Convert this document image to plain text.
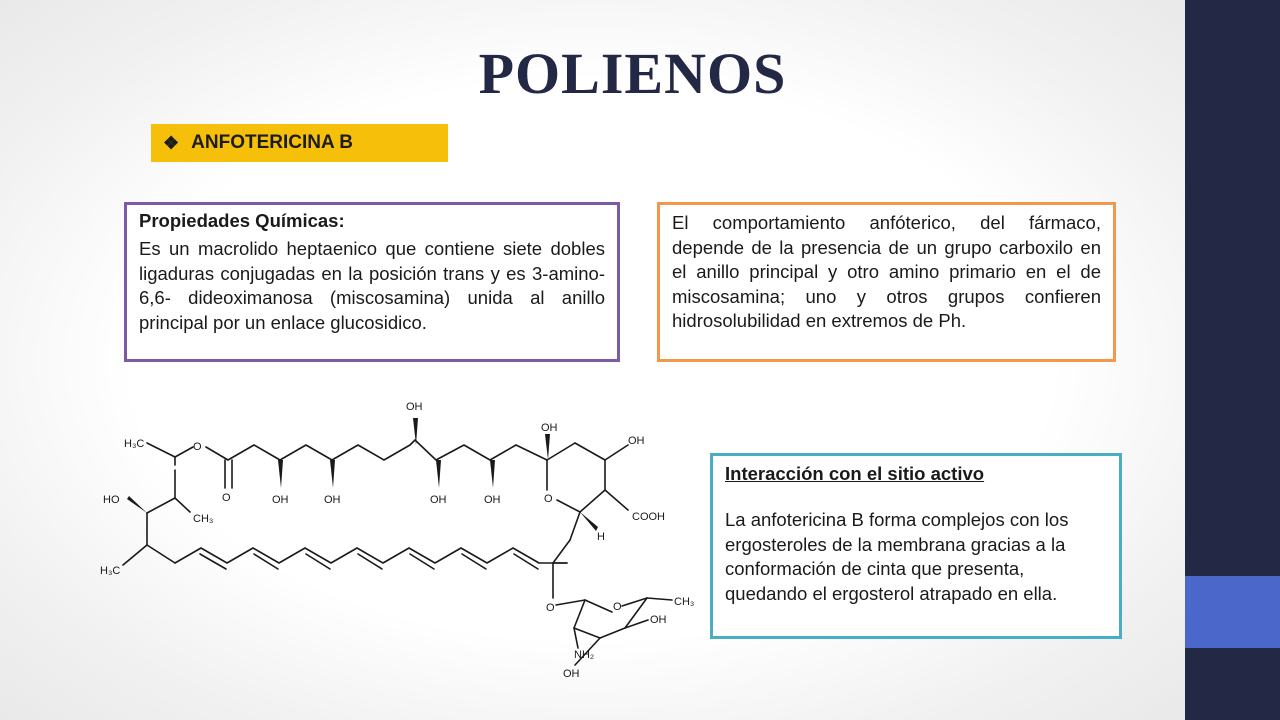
POLIENOS
❖ ANFOTERICINA B
Propiedades Químicas:

Es un macrolido heptaenico que contiene siete dobles ligaduras conjugadas en la posición trans y es 3-amino-6,6- dideoximanosa (miscosamina) unida al anillo principal por un enlace glucosidico.

El comportamiento anfóterico, del fármaco, depende de la presencia de un grupo carboxilo en el anillo principal y otro amino primario en el de miscosamina; uno y otros grupos confieren hidrosolubilidad en extremos de Ph.

Interacción con el sitio activo

La anfotericina B forma complejos con los ergosteroles de la membrana gracias a la conformación de cinta que presenta, quedando el ergosterol atrapado en ella.

H₃C	O
O
HO
CH₃
H₃C
OH	OH	OH	OH
OH
OH
OH
O
COOH
H
O	O	CH₃
OH
NH₂
OH
